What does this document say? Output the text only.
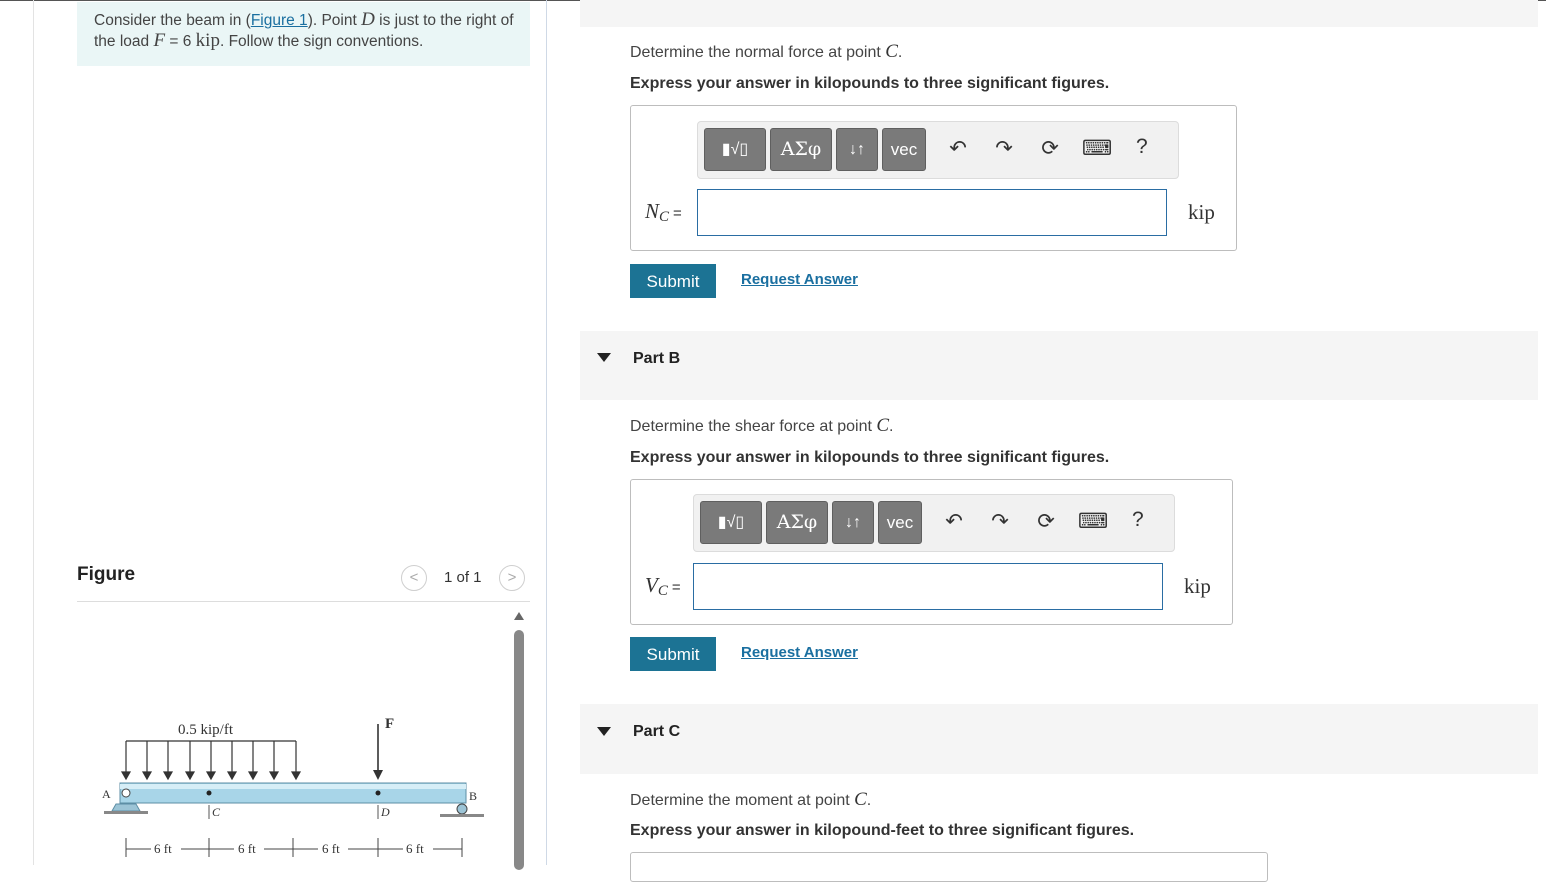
Consider the beam in (Figure 1). Point D is just to the right of the load F = 6 kip. Follow the sign conventions.
Figure	<	1 of 1	>
0.5 kip/ft	F
A	B
C	D
6 ft	6 ft	6 ft	6 ft
Determine the normal force at point C.
Express your answer in kilopounds to three significant figures.
▮√▯	ΑΣφ	↓↑	vec	↶ ↷ ⟳ ⌨ ?
$N_C$ =	kip
Submit	Request Answer
Part B
Determine the shear force at point C.
Express your answer in kilopounds to three significant figures.
▮√▯	ΑΣφ	↓↑	vec	↶ ↷ ⟳ ⌨ ?
$V_C$ =	kip
Submit	Request Answer
Part C
Determine the moment at point C.
Express your answer in kilopound-feet to three significant figures.
